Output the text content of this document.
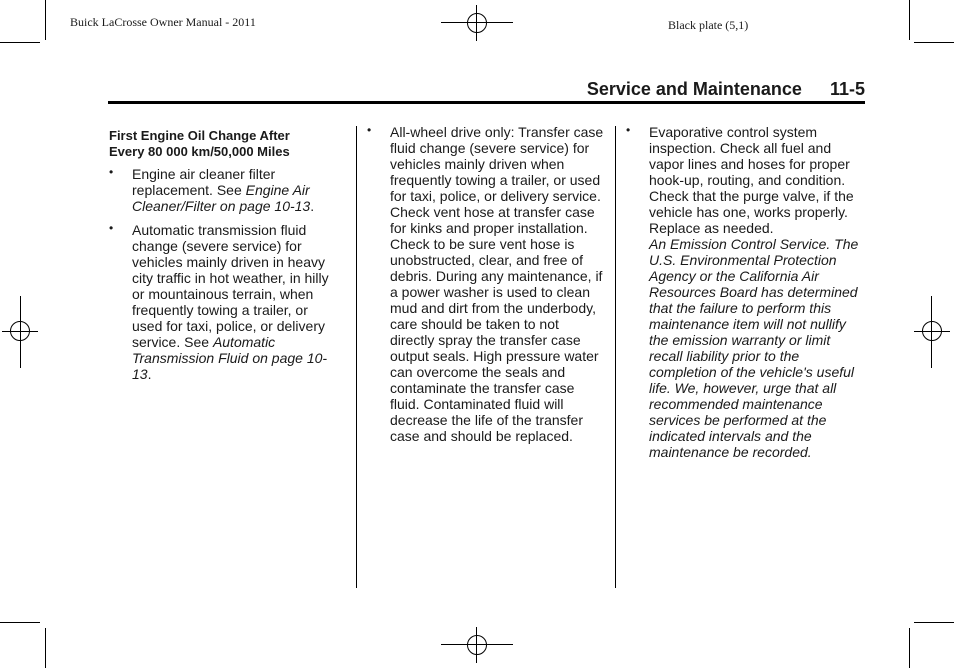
Buick LaCrosse Owner Manual - 2011	Black plate (5,1)
Service and Maintenance 11-5
First Engine Oil Change After
Every 80 000 km/50,000 Miles
• Engine air cleaner filter replacement. See Engine Air Cleaner/Filter on page 10-13.
• Automatic transmission fluid change (severe service) for vehicles mainly driven in heavy city traffic in hot weather, in hilly or mountainous terrain, when frequently towing a trailer, or used for taxi, police, or delivery service. See Automatic Transmission Fluid on page 10-13.
• All-wheel drive only: Transfer case fluid change (severe service) for vehicles mainly driven when frequently towing a trailer, or used for taxi, police, or delivery service. Check vent hose at transfer case for kinks and proper installation.

Check to be sure vent hose is unobstructed, clear, and free of debris. During any maintenance, if a power washer is used to clean mud and dirt from the underbody, care should be taken to not directly spray the transfer case output seals. High pressure water can overcome the seals and contaminate the transfer case fluid. Contaminated fluid will decrease the life of the transfer case and should be replaced.

• Evaporative control system inspection. Check all fuel and vapor lines and hoses for proper hook-up, routing, and condition. Check that the purge valve, if the vehicle has one, works properly. Replace as needed.

An Emission Control Service. The U.S. Environmental Protection Agency or the California Air Resources Board has determined that the failure to perform this maintenance item will not nullify the emission warranty or limit recall liability prior to the completion of the vehicle's useful life. We, however, urge that all recommended maintenance services be performed at the indicated intervals and the maintenance be recorded.
